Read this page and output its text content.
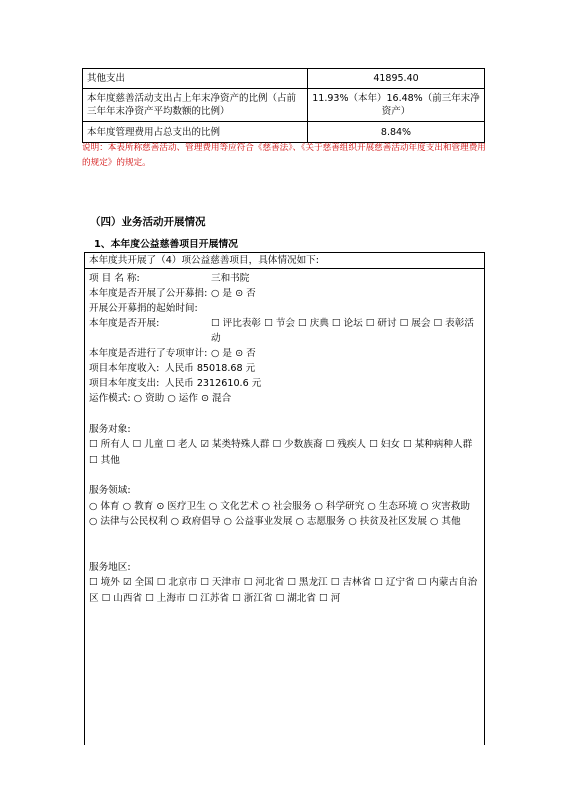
其他支出	41895.40
本年度慈善活动支出占上年末净资产的比例（占前三年年末净资产平均数额的比例）	11.93%（本年）16.48%（前三年末净资产）
本年度管理费用占总支出的比例	8.84%
说明：本表所称慈善活动、管理费用等应符合《慈善法》、《关于慈善组织开展慈善活动年度支出和管理费用的规定》的规定。
（四）业务活动开展情况
1、本年度公益慈善项目开展情况
本年度共开展了（4）项公益慈善项目，具体情况如下:
项 目 名 称:	三和书院
本年度是否开展了公开募捐: ○ 是 ⊙ 否
开展公开募捐的起始时间:
本年度是否开展:	☐ 评比表彰 ☐ 节会 ☐ 庆典 ☐ 论坛 ☐ 研讨 ☐ 展会 ☐ 表彰活动
本年度是否进行了专项审计: ○ 是 ⊙ 否
项目本年度收入: 人民币 85018.68 元
项目本年度支出: 人民币 2312610.6 元
运作模式: ○ 资助 ○ 运作 ⊙ 混合
服务对象:
☐ 所有人 ☐ 儿童 ☐ 老人 ☑ 某类特殊人群 ☐ 少数族裔 ☐ 残疾人 ☐ 妇女 ☐ 某种病种人群 ☐ 其他
服务领域:
○ 体育 ○ 教育 ⊙ 医疗卫生 ○ 文化艺术 ○ 社会服务 ○ 科学研究 ○ 生态环境 ○ 灾害救助 ○ 法律与公民权利 ○ 政府倡导 ○ 公益事业发展 ○ 志愿服务 ○ 扶贫及社区发展 ○ 其他
服务地区:
☐ 境外 ☑ 全国 ☐ 北京市 ☐ 天津市 ☐ 河北省 ☐ 黑龙江 ☐ 吉林省 ☐ 辽宁省 ☐ 内蒙古自治区 ☐ 山西省 ☐ 上海市 ☐ 江苏省 ☐ 浙江省 ☐ 湖北省 ☐ 河
